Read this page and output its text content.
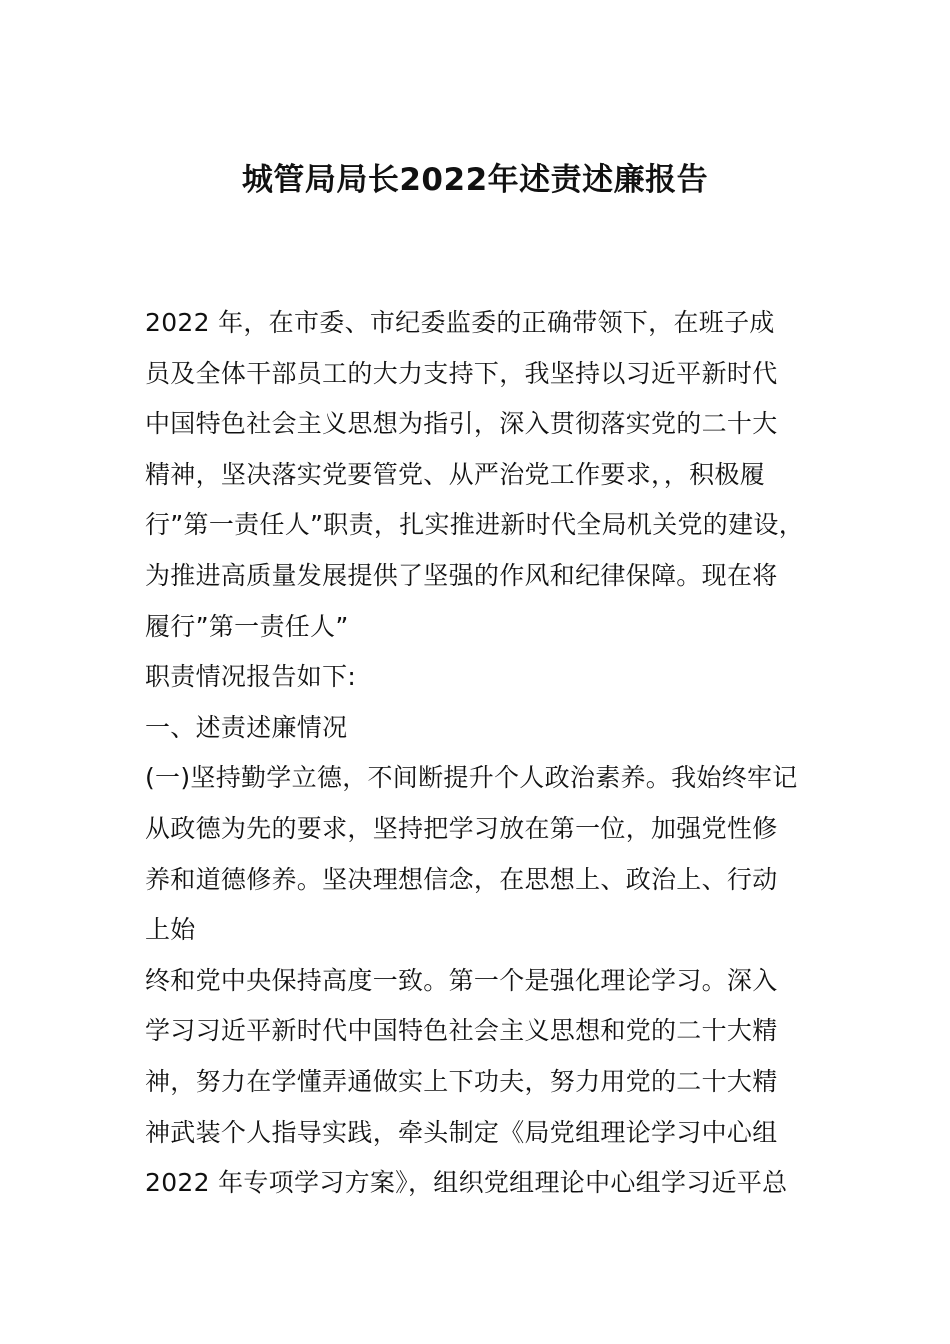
城管局局长2022年述责述廉报告
2022 年，在市委、市纪委监委的正确带领下，在班子成
员及全体干部员工的大力支持下，我坚持以习近平新时代
中国特色社会主义思想为指引，深入贯彻落实党的二十大
精神，坚决落实党要管党、从严治党工作要求，，积极履
行”第一责任人”职责，扎实推进新时代全局机关党的建设，
为推进高质量发展提供了坚强的作风和纪律保障。现在将
履行”第一责任人”
职责情况报告如下:
一、述责述廉情况
(一)坚持勤学立德，不间断提升个人政治素养。我始终牢记
从政德为先的要求，坚持把学习放在第一位，加强党性修
养和道德修养。坚决理想信念，在思想上、政治上、行动
上始
终和党中央保持高度一致。第一个是强化理论学习。深入
学习习近平新时代中国特色社会主义思想和党的二十大精
神，努力在学懂弄通做实上下功夫，努力用党的二十大精
神武装个人指导实践，牵头制定《局党组理论学习中心组
2022 年专项学习方案》，组织党组理论中心组学习近平总
